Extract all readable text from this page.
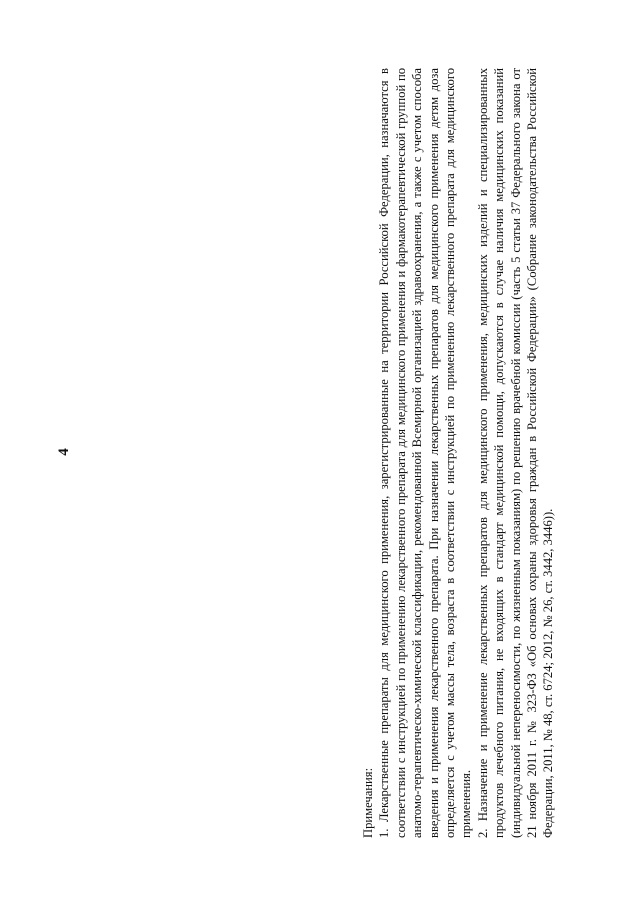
4

Примечания: 1. Лекарственные препараты для медицинского применения, зарегистрированные на территории Российской Федерации, назначаются в соответствии с инструкцией по применению лекарственного препарата для медицинского применения и фармакотерапевтической группой по анатомо-терапевтическо-химической классификации, рекомендованной Всемирной организацией здравоохранения, а также с учетом способа введения и применения лекарственного препарата. При назначении лекарственных препаратов для медицинского применения детям доза определяется с учетом массы тела, возраста в соответствии с инструкцией по применению лекарственного препарата для медицинского применения. 2. Назначение и применение лекарственных препаратов для медицинского применения, медицинских изделий и специализированных продуктов лечебного питания, не входящих в стандарт медицинской помощи, допускаются в случае наличия медицинских показаний (индивидуальной непереносимости, по жизненным показаниям) по решению врачебной комиссии (часть 5 статьи 37 Федерального закона от 21 ноября 2011 г. № 323-ФЗ «Об основах охраны здоровья граждан в Российской Федерации» (Собрание законодательства Российской Федерации, 2011, № 48, ст. 6724; 2012, № 26, ст. 3442, 3446)).
